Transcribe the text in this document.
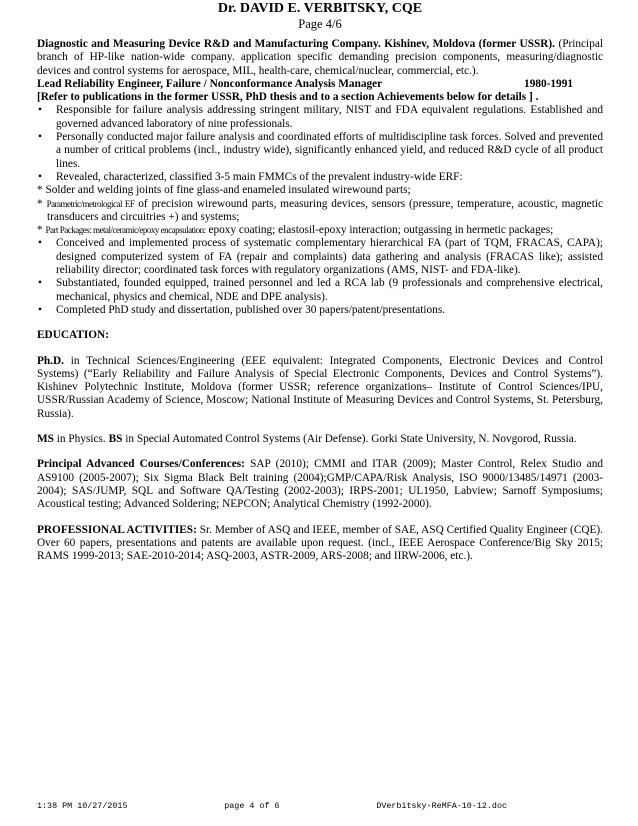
Dr. DAVID E. VERBITSKY, CQE
Page 4/6

Diagnostic and Measuring Device R&D and Manufacturing Company. Kishinev, Moldova (former USSR). (Principal branch of HP-like nation-wide company. application specific demanding precision components, measuring/diagnostic devices and control systems for aerospace, MIL, health-care, chemical/nuclear, commercial, etc.).

Lead Reliability Engineer, Failure / Nonconformance Analysis Manager	1980-1991

[Refer to publications in the former USSR, PhD thesis and to a section Achievements below for details ] .

• Responsible for failure analysis addressing stringent military, NIST and FDA equivalent regulations. Established and governed advanced laboratory of nine professionals.
• Personally conducted major failure analysis and coordinated efforts of multidiscipline task forces. Solved and prevented a number of critical problems (incl., industry wide), significantly enhanced yield, and reduced R&D cycle of all product lines.
• Revealed, characterized, classified 3-5 main FMMCs of the prevalent industry-wide ERF:

* Solder and welding joints of fine glass-and enameled insulated wirewound parts;

* Parametric/metrological EF of precision wirewound parts, measuring devices, sensors (pressure, temperature, acoustic, magnetic transducers and circuitries +) and systems;

* Part Packages: metal/ceramic/epoxy encapsulation: epoxy coating; elastosil-epoxy interaction; outgassing in hermetic packages;

• Conceived and implemented process of systematic complementary hierarchical FA (part of TQM, FRACAS, CAPA); designed computerized system of FA (repair and complaints) data gathering and analysis (FRACAS like); assisted reliability director; coordinated task forces with regulatory organizations (AMS, NIST- and FDA-like).
• Substantiated, founded equipped, trained personnel and led a RCA lab (9 professionals and comprehensive electrical, mechanical, physics and chemical, NDE and DPE analysis).
• Completed PhD study and dissertation, published over 30 papers/patent/presentations.

EDUCATION:

Ph.D. in Technical Sciences/Engineering (EEE equivalent: Integrated Components, Electronic Devices and Control Systems) (“Early Reliability and Failure Analysis of Special Electronic Components, Devices and Control Systems”). Kishinev Polytechnic Institute, Moldova (former USSR; reference organizations– Institute of Control Sciences/IPU, USSR/Russian Academy of Science, Moscow; National Institute of Measuring Devices and Control Systems, St. Petersburg, Russia).

MS in Physics. BS in Special Automated Control Systems (Air Defense). Gorki State University, N. Novgorod, Russia.

Principal Advanced Courses/Conferences: SAP (2010); CMMI and ITAR (2009); Master Control, Relex Studio and AS9100 (2005-2007); Six Sigma Black Belt training (2004);GMP/CAPA/Risk Analysis, ISO 9000/13485/14971 (2003-2004); SAS/JUMP, SQL and Software QA/Testing (2002-2003); IRPS-2001; UL1950, Labview; Sarnoff Symposiums; Acoustical testing; Advanced Soldering; NEPCON; Analytical Chemistry (1992-2000).

PROFESSIONAL ACTIVITIES: Sr. Member of ASQ and IEEE, member of SAE, ASQ Certified Quality Engineer (CQE). Over 60 papers, presentations and patents are available upon request. (incl., IEEE Aerospace Conference/Big Sky 2015; RAMS 1999-2013; SAE-2010-2014; ASQ-2003, ASTR-2009, ARS-2008; and IIRW-2006, etc.).

1:38 PM 10/27/2015	page 4 of 6	DVerbitsky-ReMFA-10-12.doc
